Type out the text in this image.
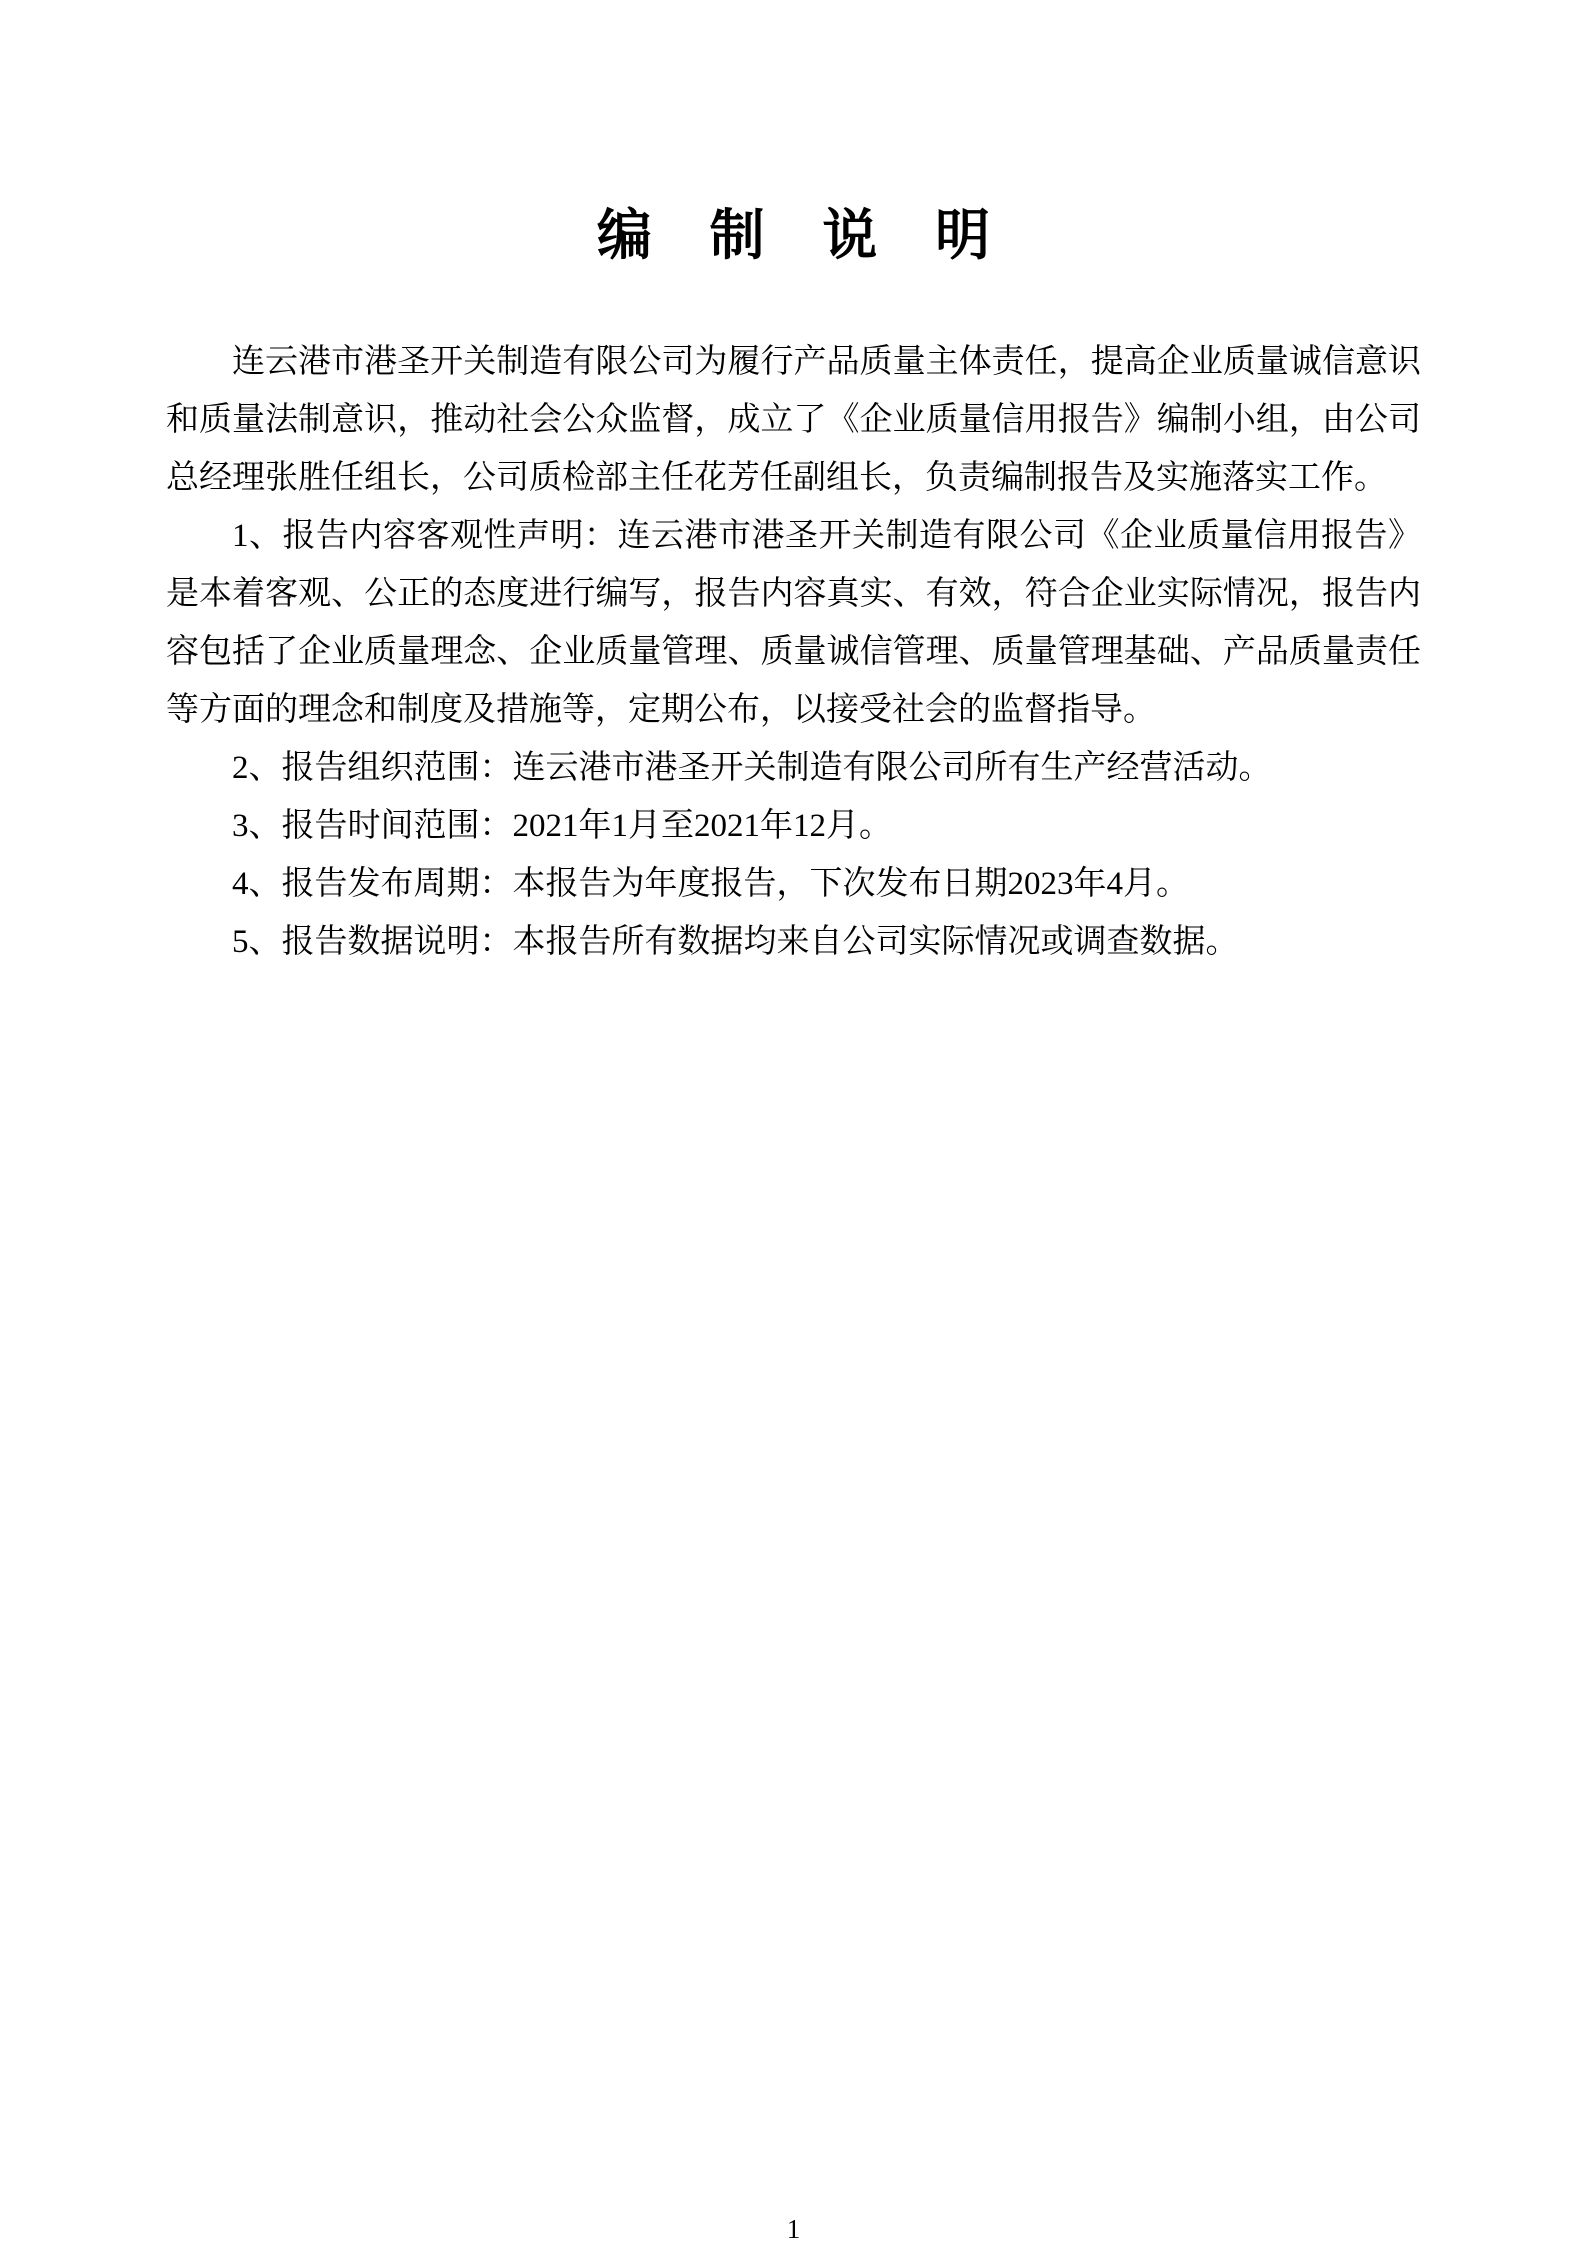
编制说明

连云港市港圣开关制造有限公司为履行产品质量主体责任，提高企业质量诚信意识和质量法制意识，推动社会公众监督，成立了《企业质量信用报告》编制小组，由公司总经理张胜任组长，公司质检部主任花芳任副组长，负责编制报告及实施落实工作。

1、报告内容客观性声明：连云港市港圣开关制造有限公司《企业质量信用报告》是本着客观、公正的态度进行编写，报告内容真实、有效，符合企业实际情况，报告内容包括了企业质量理念、企业质量管理、质量诚信管理、质量管理基础、产品质量责任等方面的理念和制度及措施等，定期公布，以接受社会的监督指导。

2、报告组织范围：连云港市港圣开关制造有限公司所有生产经营活动。

3、报告时间范围：2021年1月至2021年12月。

4、报告发布周期：本报告为年度报告，下次发布日期2023年4月。

5、报告数据说明：本报告所有数据均来自公司实际情况或调查数据。

1
